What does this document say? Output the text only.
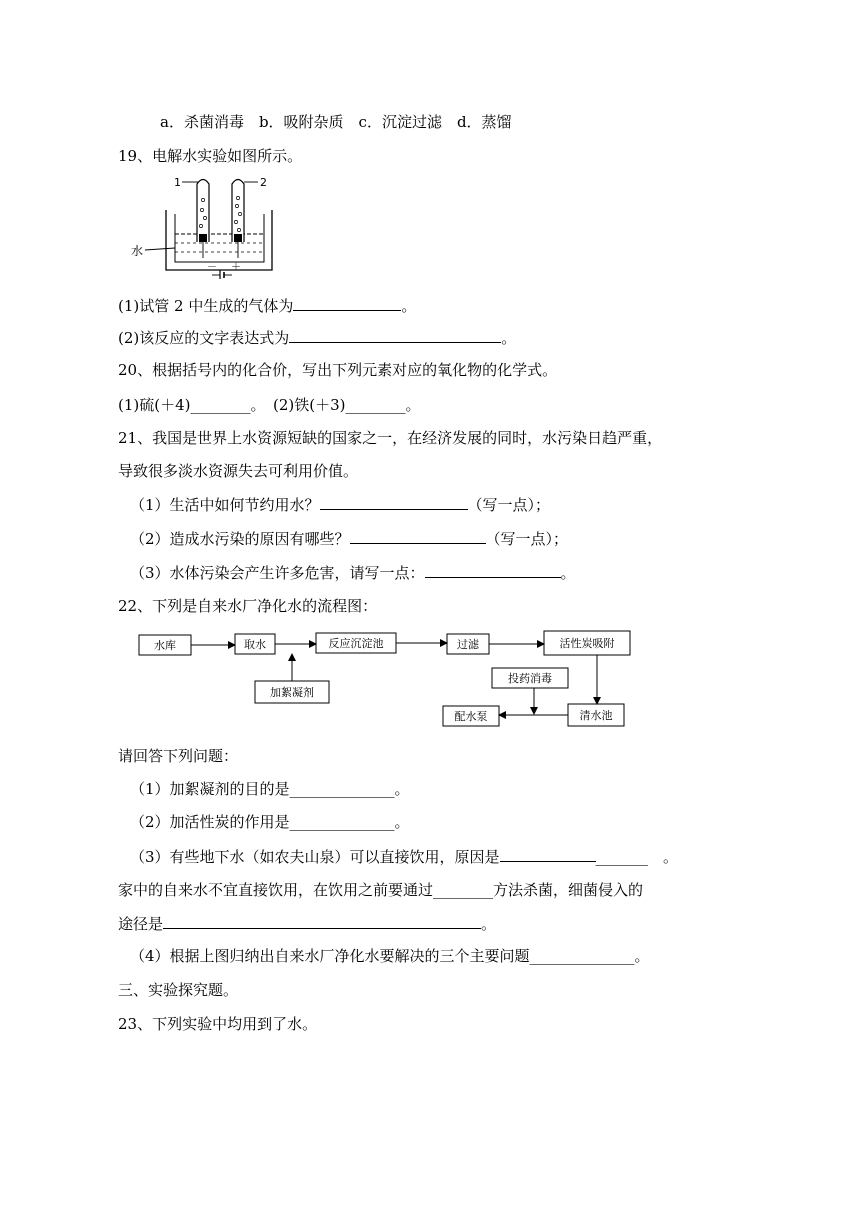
a．杀菌消毒　b．吸附杂质　c．沉淀过滤　d．蒸馏
19、电解水实验如图所示。
1	2
水
－ ＋
(1)试管 2 中生成的气体为	。
(2)该反应的文字表达式为	。
20、根据括号内的化合价，写出下列元素对应的氧化物的化学式。
(1)硫(＋4)________。　(2)铁(＋3)________。
21、我国是世界上水资源短缺的国家之一，在经济发展的同时，水污染日趋严重，
导致很多淡水资源失去可利用价值。
（1）生活中如何节约用水？	（写一点）；
（2）造成水污染的原因有哪些？	（写一点）；
（3）水体污染会产生许多危害，请写一点：	。
22、下列是自来水厂净化水的流程图：
水库	取水	反应沉淀池	过滤	活性炭吸附
加絮凝剂
投药消毒
配水泵	清水池
请回答下列问题：
（1）加絮凝剂的目的是______________。
（2）加活性炭的作用是______________。
（3）有些地下水（如农夫山泉）可以直接饮用，原因是	_______　。
家中的自来水不宜直接饮用，在饮用之前要通过________方法杀菌，细菌侵入的
途径是	。
（4）根据上图归纳出自来水厂净化水要解决的三个主要问题______________。
三、实验探究题。
23、下列实验中均用到了水。
